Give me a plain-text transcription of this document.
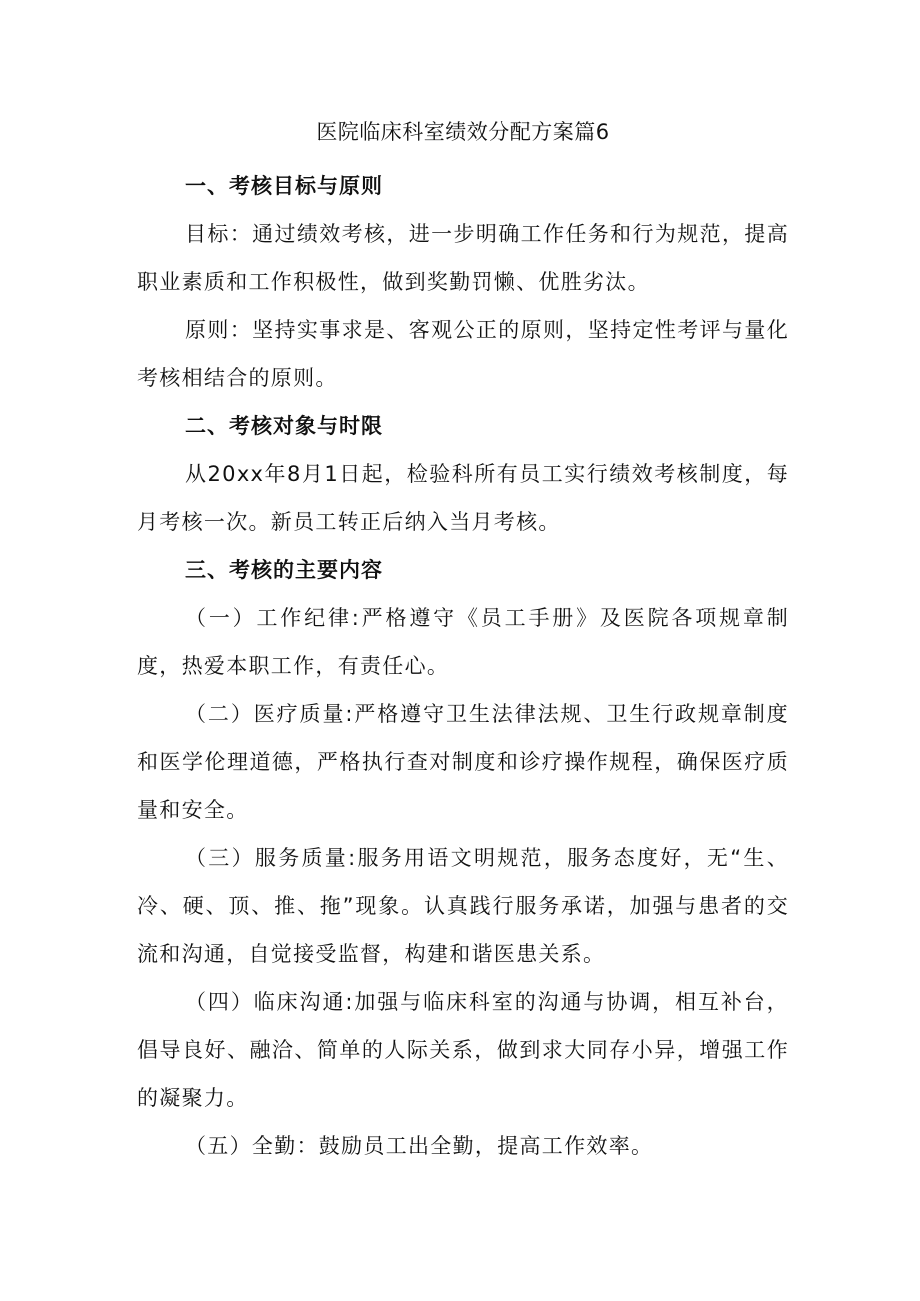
医院临床科室绩效分配方案篇6
一、考核目标与原则

目标：通过绩效考核，进一步明确工作任务和行为规范，提高职业素质和工作积极性，做到奖勤罚懒、优胜劣汰。

原则：坚持实事求是、客观公正的原则，坚持定性考评与量化考核相结合的原则。

二、考核对象与时限

从20xx年8月1日起，检验科所有员工实行绩效考核制度，每月考核一次。新员工转正后纳入当月考核。

三、考核的主要内容

（一）工作纪律:严格遵守《员工手册》及医院各项规章制度，热爱本职工作，有责任心。

（二）医疗质量:严格遵守卫生法律法规、卫生行政规章制度和医学伦理道德，严格执行查对制度和诊疗操作规程，确保医疗质量和安全。

（三）服务质量:服务用语文明规范，服务态度好，无“生、冷、硬、顶、推、拖”现象。认真践行服务承诺，加强与患者的交流和沟通，自觉接受监督，构建和谐医患关系。

（四）临床沟通:加强与临床科室的沟通与协调，相互补台，倡导良好、融洽、简单的人际关系，做到求大同存小异，增强工作的凝聚力。

（五）全勤：鼓励员工出全勤，提高工作效率。
